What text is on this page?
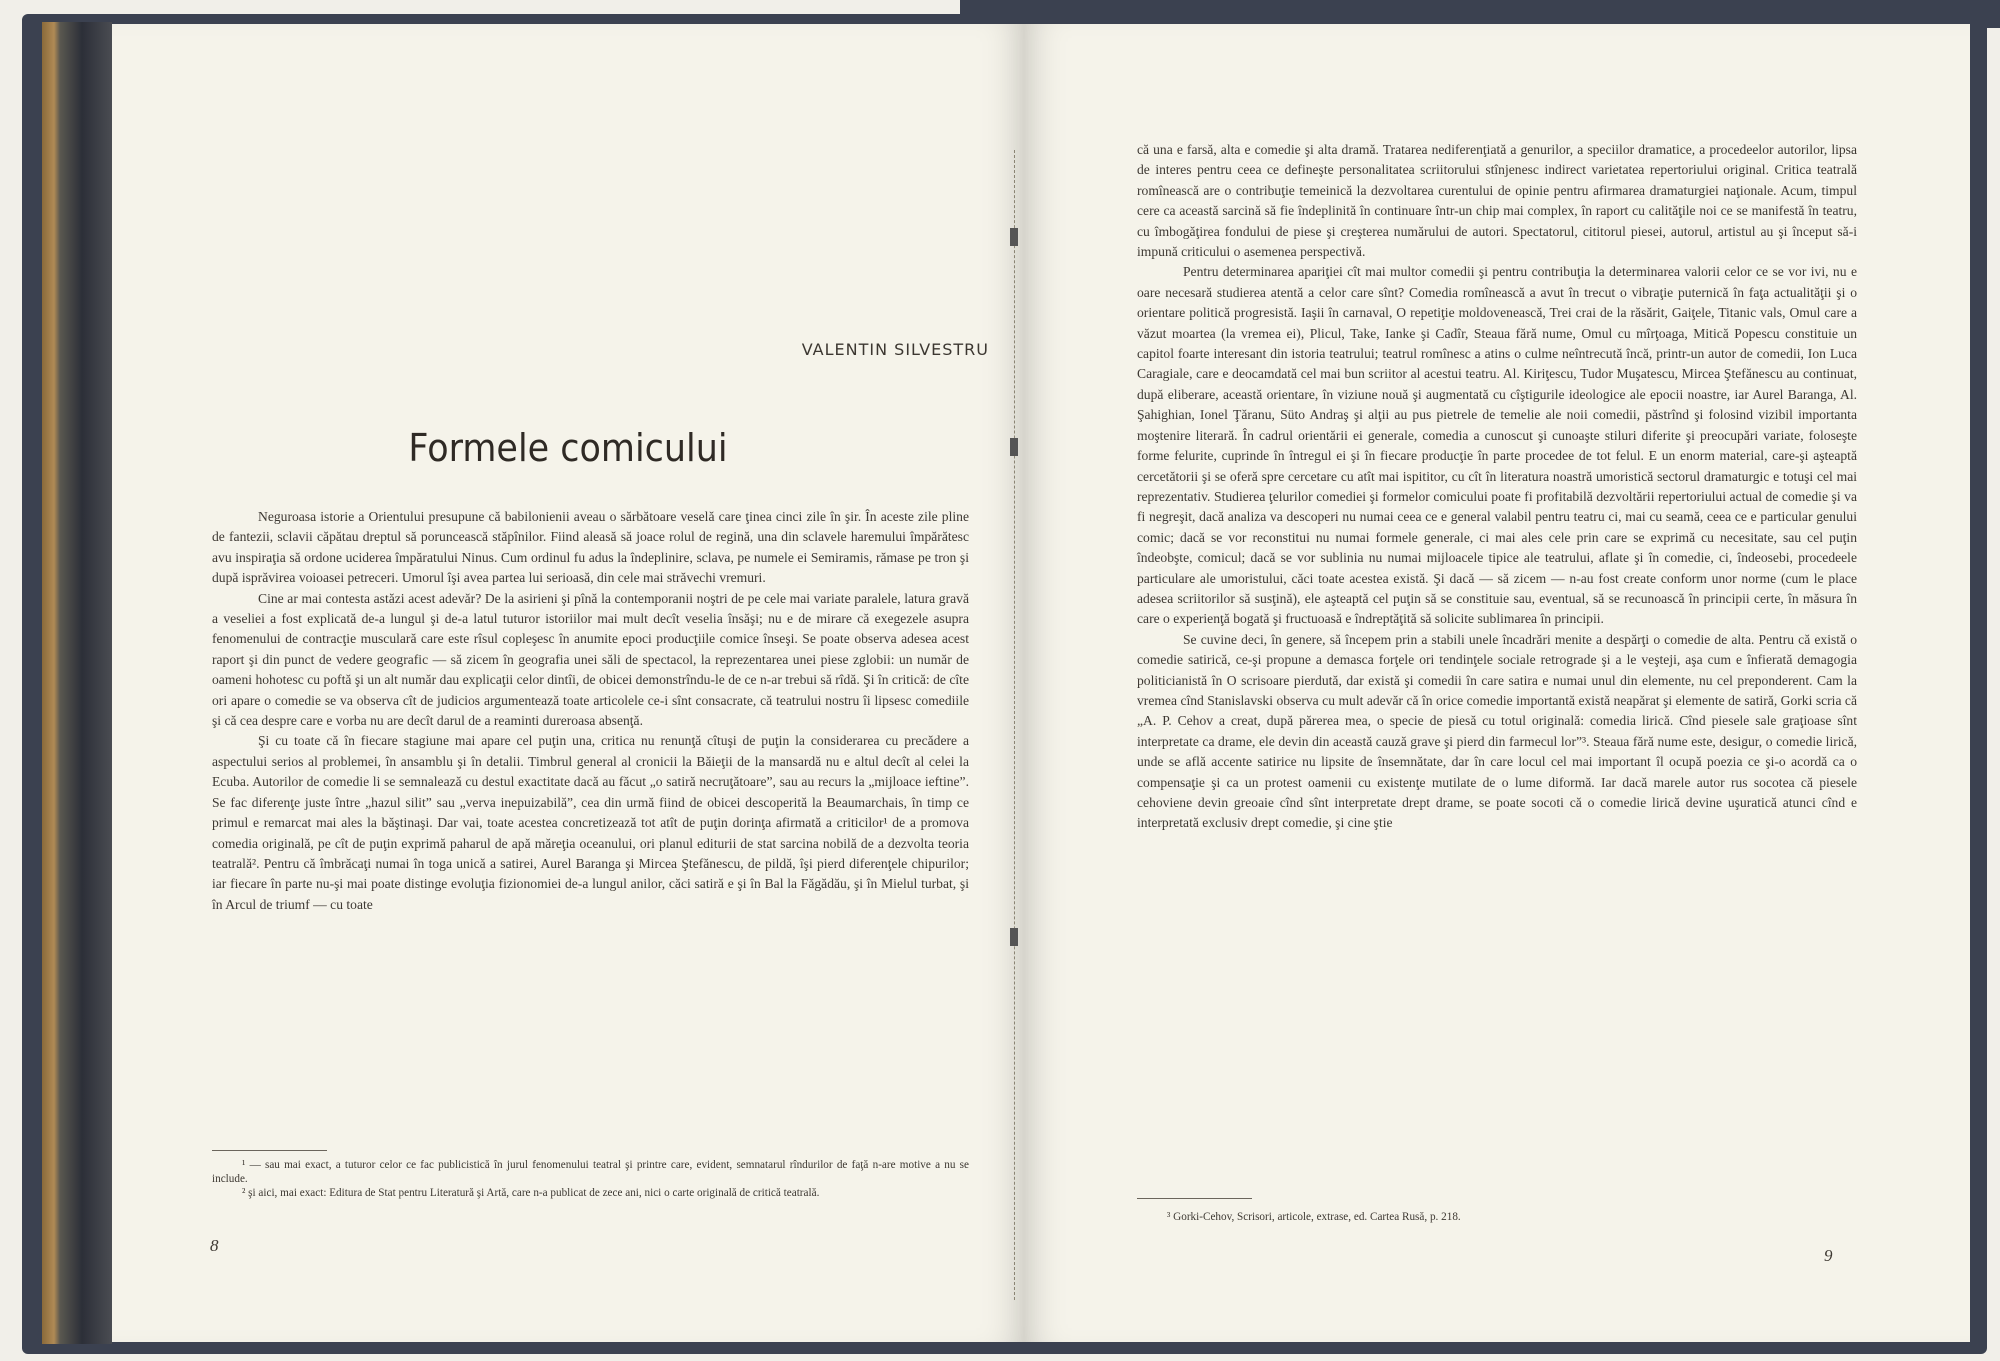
VALENTIN SILVESTRU
Formele comicului

Neguroasa istorie a Orientului presupune că babilonienii aveau o sărbătoare veselă care ţinea cinci zile în şir. În aceste zile pline de fantezii, sclavii căpătau dreptul să poruncească stăpînilor. Fiind aleasă să joace rolul de regină, una din sclavele haremului împărătesc avu inspiraţia să ordone uciderea împăratului Ninus. Cum ordinul fu adus la îndeplinire, sclava, pe numele ei Semiramis, rămase pe tron şi după isprăvirea voioasei petreceri. Umorul îşi avea partea lui serioasă, din cele mai străvechi vremuri.

Cine ar mai contesta astăzi acest adevăr? De la asirieni şi pînă la contemporanii noştri de pe cele mai variate paralele, latura gravă a veseliei a fost explicată de-a lungul şi de-a latul tuturor istoriilor mai mult decît veselia însăşi; nu e de mirare că exegezele asupra fenomenului de contracţie musculară care este rîsul copleşesc în anumite epoci producţiile comice înseşi. Se poate observa adesea acest raport şi din punct de vedere geografic — să zicem în geografia unei săli de spectacol, la reprezentarea unei piese zglobii: un număr de oameni hohotesc cu poftă şi un alt număr dau explicaţii celor dintîi, de obicei demonstrîndu-le de ce n-ar trebui să rîdă. Şi în critică: de cîte ori apare o comedie se va observa cît de judicios argumentează toate articolele ce-i sînt consacrate, că teatrului nostru îi lipsesc comediile şi că cea despre care e vorba nu are decît darul de a reaminti dureroasa absenţă.

Şi cu toate că în fiecare stagiune mai apare cel puţin una, critica nu renunţă cîtuşi de puţin la considerarea cu precădere a aspectului serios al problemei, în ansamblu şi în detalii. Timbrul general al cronicii la Băieţii de la mansardă nu e altul decît al celei la Ecuba. Autorilor de comedie li se semnalează cu destul exactitate dacă au făcut „o satiră necruţătoare”, sau au recurs la „mijloace ieftine”. Se fac diferenţe juste între „hazul silit” sau „verva inepuizabilă”, cea din urmă fiind de obicei descoperită la Beaumarchais, în timp ce primul e remarcat mai ales la băştinaşi. Dar vai, toate acestea concretizează tot atît de puţin dorinţa afirmată a criticilor¹ de a promova comedia originală, pe cît de puţin exprimă paharul de apă măreţia oceanului, ori planul editurii de stat sarcina nobilă de a dezvolta teoria teatrală². Pentru că îmbrăcaţi numai în toga unică a satirei, Aurel Baranga şi Mircea Ştefănescu, de pildă, îşi pierd diferenţele chipurilor; iar fiecare în parte nu-şi mai poate distinge evoluţia fizionomiei de-a lungul anilor, căci satiră e şi în Bal la Făgădău, şi în Mielul turbat, şi în Arcul de triumf — cu toate

¹ — sau mai exact, a tuturor celor ce fac publicistică în jurul fenomenului teatral şi printre care, evident, semnatarul rîndurilor de faţă n-are motive a nu se include.

² şi aici, mai exact: Editura de Stat pentru Literatură şi Artă, care n-a publicat de zece ani, nici o carte originală de critică teatrală.

8

că una e farsă, alta e comedie şi alta dramă. Tratarea nediferenţiată a genurilor, a speciilor dramatice, a procedeelor autorilor, lipsa de interes pentru ceea ce defineşte personalitatea scriitorului stînjenesc indirect varietatea repertoriului original. Critica teatrală romînească are o contribuţie temeinică la dezvoltarea curentului de opinie pentru afirmarea dramaturgiei naţionale. Acum, timpul cere ca această sarcină să fie îndeplinită în continuare într-un chip mai complex, în raport cu calităţile noi ce se manifestă în teatru, cu îmbogăţirea fondului de piese şi creşterea numărului de autori. Spectatorul, cititorul piesei, autorul, artistul au şi început să-i impună criticului o asemenea perspectivă.

Pentru determinarea apariţiei cît mai multor comedii şi pentru contribuţia la determinarea valorii celor ce se vor ivi, nu e oare necesară studierea atentă a celor care sînt? Comedia romînească a avut în trecut o vibraţie puternică în faţa actualităţii şi o orientare politică progresistă. Iaşii în carnaval, O repetiţie moldovenească, Trei crai de la răsărit, Gaiţele, Titanic vals, Omul care a văzut moartea (la vremea ei), Plicul, Take, Ianke şi Cadîr, Steaua fără nume, Omul cu mîrţoaga, Mitică Popescu constituie un capitol foarte interesant din istoria teatrului; teatrul romînesc a atins o culme neîntrecută încă, printr-un autor de comedii, Ion Luca Caragiale, care e deocamdată cel mai bun scriitor al acestui teatru. Al. Kiriţescu, Tudor Muşatescu, Mircea Ştefănescu au continuat, după eliberare, această orientare, în viziune nouă şi augmentată cu cîştigurile ideologice ale epocii noastre, iar Aurel Baranga, Al. Şahighian, Ionel Ţăranu, Süto Andraş şi alţii au pus pietrele de temelie ale noii comedii, păstrînd şi folosind vizibil importanta moştenire literară. În cadrul orientării ei generale, comedia a cunoscut şi cunoaşte stiluri diferite şi preocupări variate, foloseşte forme felurite, cuprinde în întregul ei şi în fiecare producţie în parte procedee de tot felul. E un enorm material, care-şi aşteaptă cercetătorii şi se oferă spre cercetare cu atît mai ispititor, cu cît în literatura noastră umoristică sectorul dramaturgic e totuşi cel mai reprezentativ. Studierea ţelurilor comediei şi formelor comicului poate fi profitabilă dezvoltării repertoriului actual de comedie şi va fi negreşit, dacă analiza va descoperi nu numai ceea ce e general valabil pentru teatru ci, mai cu seamă, ceea ce e particular genului comic; dacă se vor reconstitui nu numai formele generale, ci mai ales cele prin care se exprimă cu necesitate, sau cel puţin îndeobşte, comicul; dacă se vor sublinia nu numai mijloacele tipice ale teatrului, aflate şi în comedie, ci, îndeosebi, procedeele particulare ale umoristului, căci toate acestea există. Şi dacă — să zicem — n-au fost create conform unor norme (cum le place adesea scriitorilor să susţină), ele aşteaptă cel puţin să se constituie sau, eventual, să se recunoască în principii certe, în măsura în care o experienţă bogată şi fructuoasă e îndreptăţită să solicite sublimarea în principii.

Se cuvine deci, în genere, să începem prin a stabili unele încadrări menite a despărţi o comedie de alta. Pentru că există o comedie satirică, ce-şi propune a demasca forţele ori tendinţele sociale retrograde şi a le veşteji, aşa cum e înfierată demagogia politicianistă în O scrisoare pierdută, dar există şi comedii în care satira e numai unul din elemente, nu cel preponderent. Cam la vremea cînd Stanislavski observa cu mult adevăr că în orice comedie importantă există neapărat şi elemente de satiră, Gorki scria că „A. P. Cehov a creat, după părerea mea, o specie de piesă cu totul originală: comedia lirică. Cînd piesele sale graţioase sînt interpretate ca drame, ele devin din această cauză grave şi pierd din farmecul lor”³. Steaua fără nume este, desigur, o comedie lirică, unde se află accente satirice nu lipsite de însemnătate, dar în care locul cel mai important îl ocupă poezia ce şi-o acordă ca o compensaţie şi ca un protest oamenii cu existenţe mutilate de o lume diformă. Iar dacă marele autor rus socotea că piesele cehoviene devin greoaie cînd sînt interpretate drept drame, se poate socoti că o comedie lirică devine uşuratică atunci cînd e interpretată exclusiv drept comedie, şi cine ştie

³ Gorki-Cehov, Scrisori, articole, extrase, ed. Cartea Rusă, p. 218.

9
